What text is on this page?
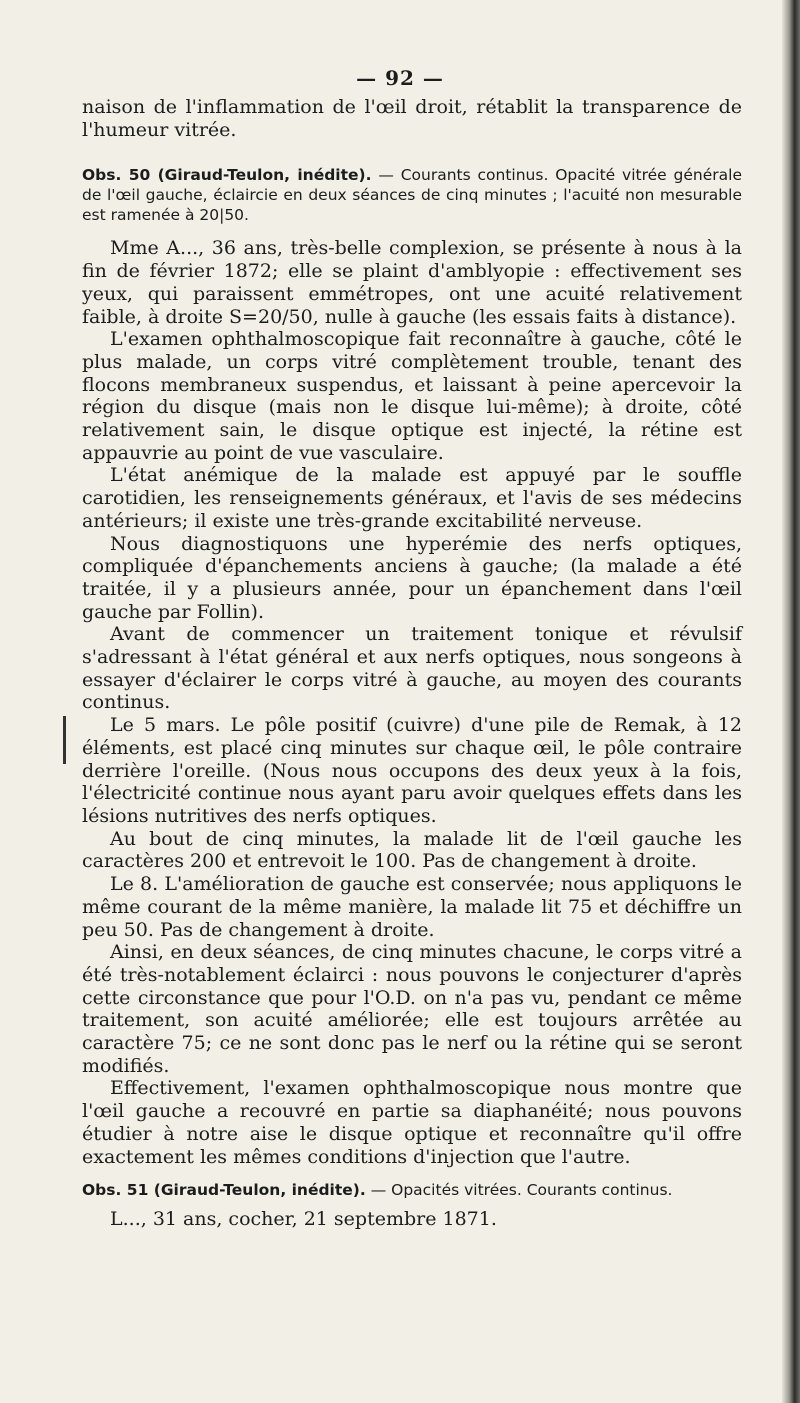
— 92 —

naison de l'inflammation de l'œil droit, rétablit la transparence de l'humeur vitrée.

Obs. 50 (Giraud-Teulon, inédite). — Courants continus. Opacité vitrée générale de l'œil gauche, éclaircie en deux séances de cinq minutes ; l'acuité non mesurable est ramenée à 20|50.

Mme A..., 36 ans, très-belle complexion, se présente à nous à la fin de février 1872; elle se plaint d'amblyopie : effectivement ses yeux, qui paraissent emmétropes, ont une acuité relativement faible, à droite S=20/50, nulle à gauche (les essais faits à distance).

L'examen ophthalmoscopique fait reconnaître à gauche, côté le plus malade, un corps vitré complètement trouble, tenant des flocons membraneux suspendus, et laissant à peine apercevoir la région du disque (mais non le disque lui-même); à droite, côté relativement sain, le disque optique est injecté, la rétine est appauvrie au point de vue vasculaire.

L'état anémique de la malade est appuyé par le souffle carotidien, les renseignements généraux, et l'avis de ses médecins antérieurs; il existe une très-grande excitabilité nerveuse.

Nous diagnostiquons une hyperémie des nerfs optiques, compliquée d'épanchements anciens à gauche; (la malade a été traitée, il y a plusieurs année, pour un épanchement dans l'œil gauche par Follin).

Avant de commencer un traitement tonique et révulsif s'adressant à l'état général et aux nerfs optiques, nous songeons à essayer d'éclairer le corps vitré à gauche, au moyen des courants continus.

Le 5 mars. Le pôle positif (cuivre) d'une pile de Remak, à 12 éléments, est placé cinq minutes sur chaque œil, le pôle contraire derrière l'oreille. (Nous nous occupons des deux yeux à la fois, l'électricité continue nous ayant paru avoir quelques effets dans les lésions nutritives des nerfs optiques.

Au bout de cinq minutes, la malade lit de l'œil gauche les caractères 200 et entrevoit le 100. Pas de changement à droite.

Le 8. L'amélioration de gauche est conservée; nous appliquons le même courant de la même manière, la malade lit 75 et déchiffre un peu 50. Pas de changement à droite.

Ainsi, en deux séances, de cinq minutes chacune, le corps vitré a été très-notablement éclairci : nous pouvons le conjecturer d'après cette circonstance que pour l'O.D. on n'a pas vu, pendant ce même traitement, son acuité améliorée; elle est toujours arrêtée au caractère 75; ce ne sont donc pas le nerf ou la rétine qui se seront modifiés.

Effectivement, l'examen ophthalmoscopique nous montre que l'œil gauche a recouvré en partie sa diaphanéité; nous pouvons étudier à notre aise le disque optique et reconnaître qu'il offre exactement les mêmes conditions d'injection que l'autre.

Obs. 51 (Giraud-Teulon, inédite). — Opacités vitrées. Courants continus.

L..., 31 ans, cocher, 21 septembre 1871.
